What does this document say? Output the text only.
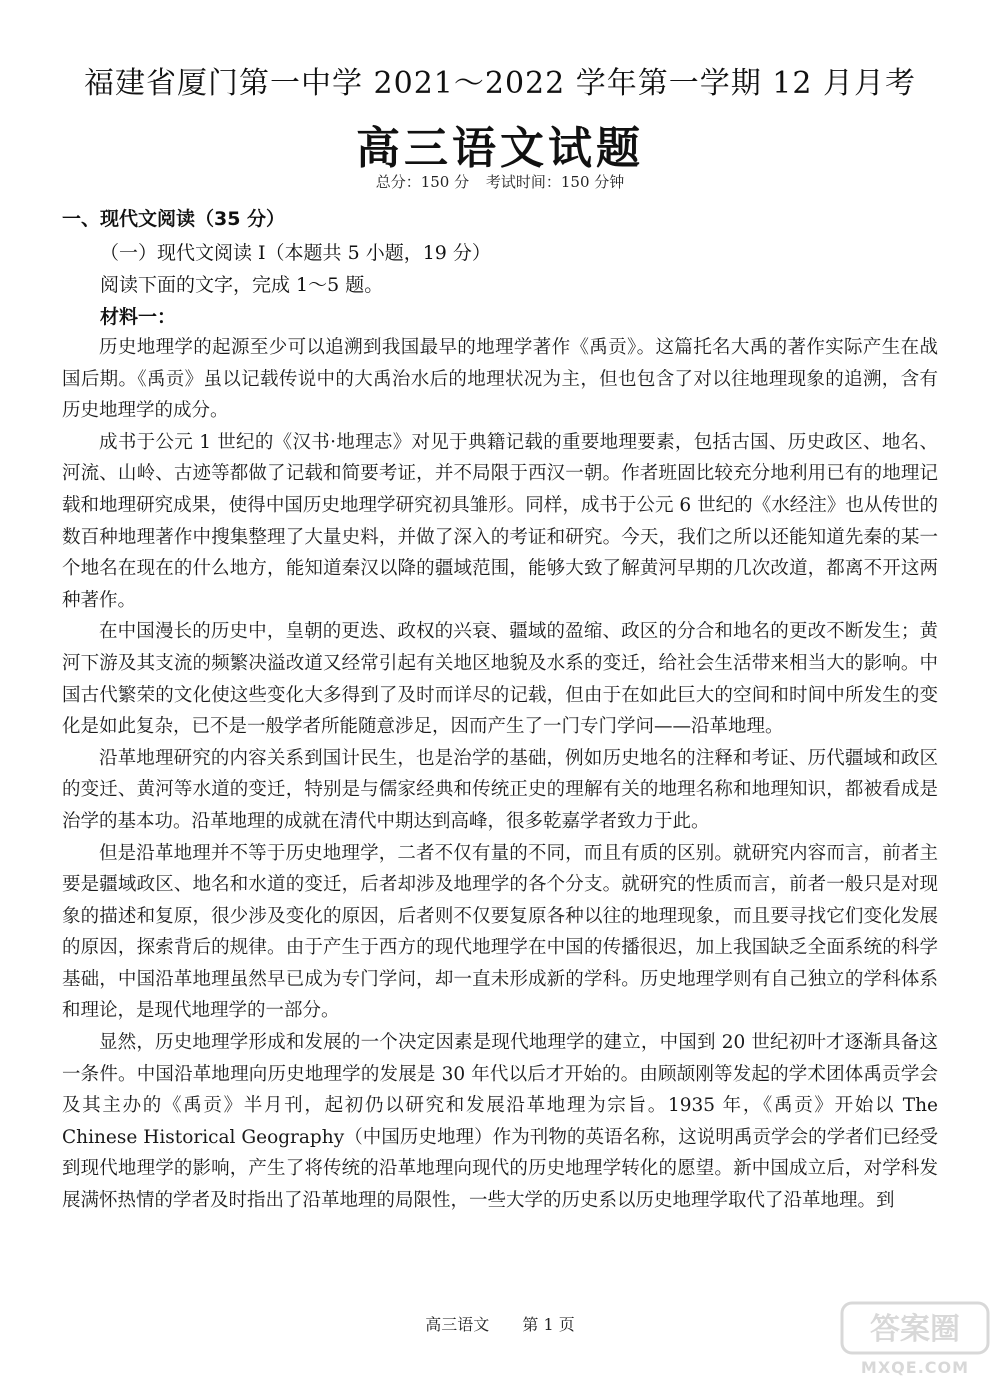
福建省厦门第一中学 2021～2022 学年第一学期 12 月月考
高三语文试题
总分：150 分 考试时间：150 分钟
一、现代文阅读（35 分）
（一）现代文阅读 I（本题共 5 小题，19 分）
阅读下面的文字，完成 1～5 题。
材料一：

历史地理学的起源至少可以追溯到我国最早的地理学著作《禹贡》。这篇托名大禹的著作实际产生在战国后期。《禹贡》虽以记载传说中的大禹治水后的地理状况为主，但也包含了对以往地理现象的追溯，含有历史地理学的成分。

成书于公元 1 世纪的《汉书·地理志》对见于典籍记载的重要地理要素，包括古国、历史政区、地名、河流、山岭、古迹等都做了记载和简要考证，并不局限于西汉一朝。作者班固比较充分地利用已有的地理记载和地理研究成果，使得中国历史地理学研究初具雏形。同样，成书于公元 6 世纪的《水经注》也从传世的数百种地理著作中搜集整理了大量史料，并做了深入的考证和研究。今天，我们之所以还能知道先秦的某一个地名在现在的什么地方，能知道秦汉以降的疆域范围，能够大致了解黄河早期的几次改道，都离不开这两种著作。

在中国漫长的历史中，皇朝的更迭、政权的兴衰、疆域的盈缩、政区的分合和地名的更改不断发生；黄河下游及其支流的频繁决溢改道又经常引起有关地区地貌及水系的变迁，给社会生活带来相当大的影响。中国古代繁荣的文化使这些变化大多得到了及时而详尽的记载，但由于在如此巨大的空间和时间中所发生的变化是如此复杂，已不是一般学者所能随意涉足，因而产生了一门专门学问——沿革地理。

沿革地理研究的内容关系到国计民生，也是治学的基础，例如历史地名的注释和考证、历代疆域和政区的变迁、黄河等水道的变迁，特别是与儒家经典和传统正史的理解有关的地理名称和地理知识，都被看成是治学的基本功。沿革地理的成就在清代中期达到高峰，很多乾嘉学者致力于此。

但是沿革地理并不等于历史地理学，二者不仅有量的不同，而且有质的区别。就研究内容而言，前者主要是疆域政区、地名和水道的变迁，后者却涉及地理学的各个分支。就研究的性质而言，前者一般只是对现象的描述和复原，很少涉及变化的原因，后者则不仅要复原各种以往的地理现象，而且要寻找它们变化发展的原因，探索背后的规律。由于产生于西方的现代地理学在中国的传播很迟，加上我国缺乏全面系统的科学基础，中国沿革地理虽然早已成为专门学问，却一直未形成新的学科。历史地理学则有自己独立的学科体系和理论，是现代地理学的一部分。

显然，历史地理学形成和发展的一个决定因素是现代地理学的建立，中国到 20 世纪初叶才逐渐具备这一条件。中国沿革地理向历史地理学的发展是 30 年代以后才开始的。由顾颉刚等发起的学术团体禹贡学会及其主办的《禹贡》半月刊，起初仍以研究和发展沿革地理为宗旨。1935 年，《禹贡》开始以 The Chinese Historical Geography（中国历史地理）作为刊物的英语名称，这说明禹贡学会的学者们已经受到现代地理学的影响，产生了将传统的沿革地理向现代的历史地理学转化的愿望。新中国成立后，对学科发展满怀热情的学者及时指出了沿革地理的局限性，一些大学的历史系以历史地理学取代了沿革地理。到

高三语文 第 1 页	答案圈
MXQE.COM
